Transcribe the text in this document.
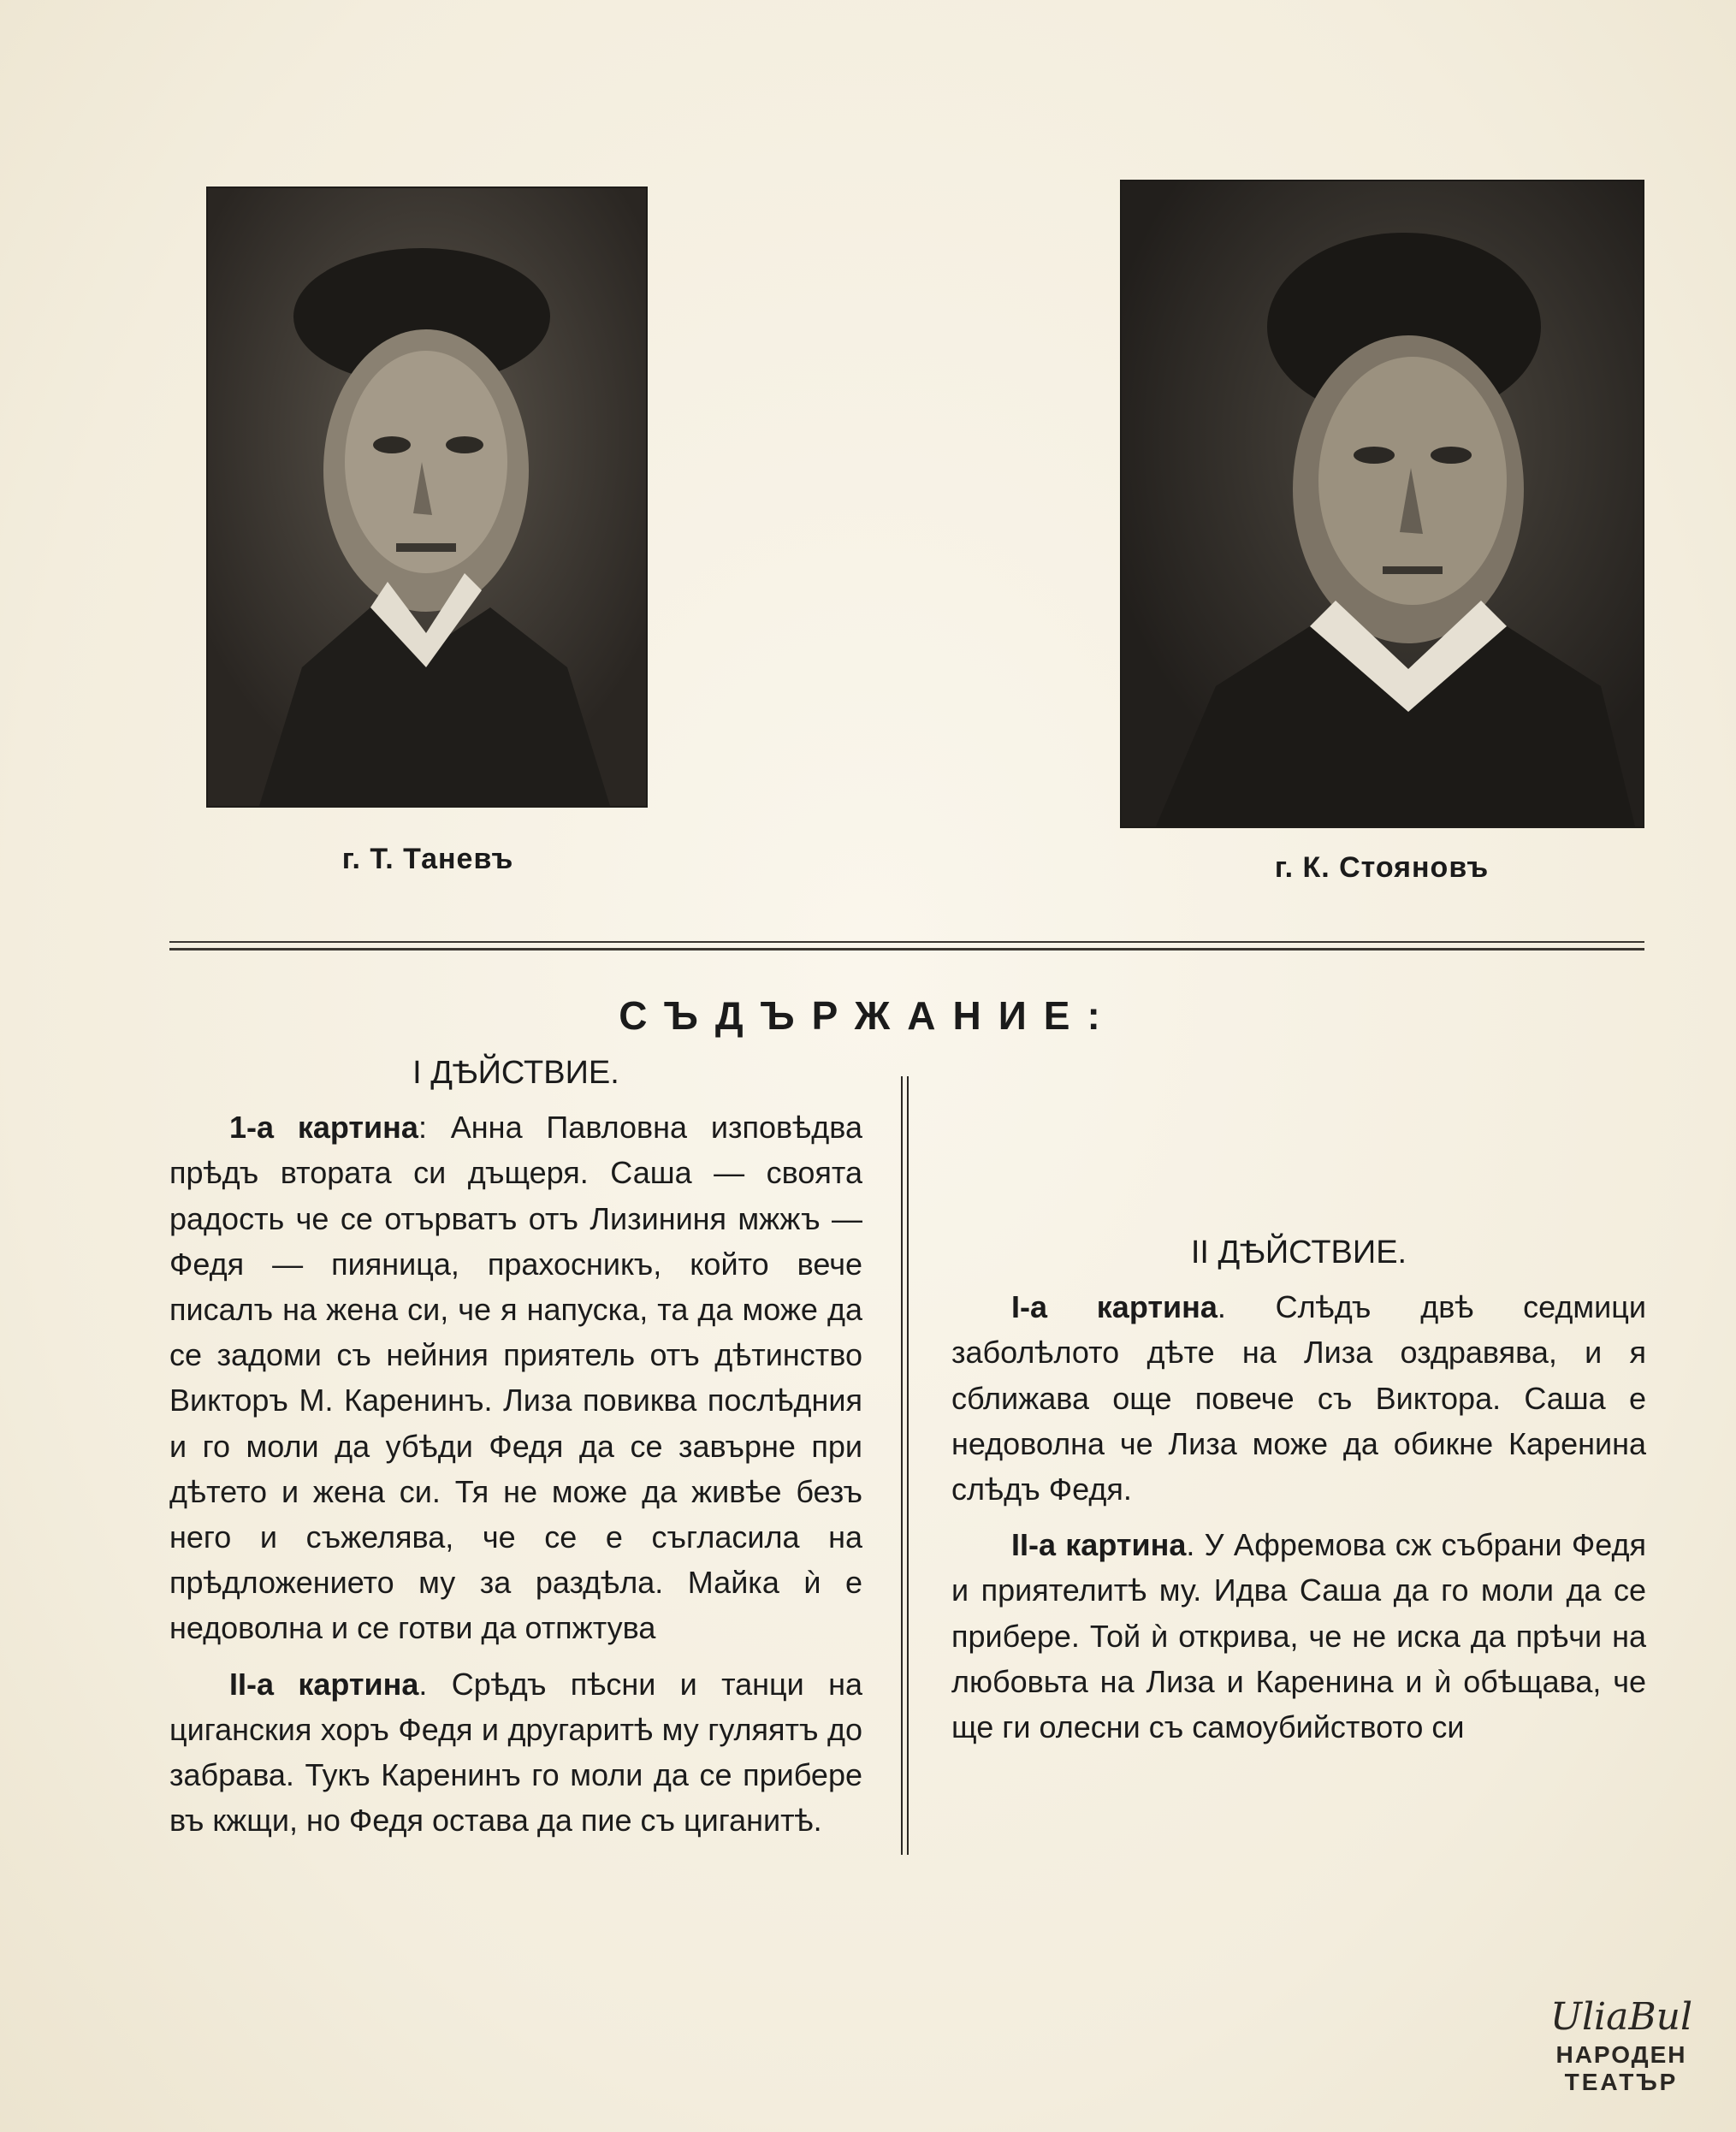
г. Т. Таневъ	г. К. Стояновъ
СЪДЪРЖАНИЕ:
I ДѢЙСТВИЕ.

1-а картина: Анна Павловна изповѣдва прѣдъ втората си дъщеря. Саша — своята радость че се отърватъ отъ Лизининя мжжъ — Федя — пияница, прахосникъ, който вече писалъ на жена си, че я напуска, та да може да се задоми съ нейния приятель отъ дѣтинство Викторъ М. Каренинъ. Лиза повиква послѣдния и го моли да убѣди Федя да се завърне при дѣтето и жена си. Тя не може да живѣе безъ него и съжелява, че се е съгласила на прѣдложението му за раздѣла. Майка ѝ е недоволна и се готви да отпжтува

II-а картина. Срѣдъ пѣсни и танци на циганския хоръ Федя и другаритѣ му гуляятъ до забрава. Тукъ Каренинъ го моли да се прибере въ кжщи, но Федя остава да пие съ циганитѣ.

II ДѢЙСТВИЕ.

I-а картина. Слѣдъ двѣ седмици заболѣлото дѣте на Лиза оздравява, и я сближава още повече съ Виктора. Саша е недоволна че Лиза може да обикне Каренина слѣдъ Федя.

II-а картина. У Афремова сж събрани Федя и приятелитѣ му. Идва Саша да го моли да се прибере. Той ѝ открива, че не иска да прѣчи на любовьта на Лиза и Каренина и ѝ обѣщава, че ще ги олесни съ самоубийството си

UliaBul
НАРОДЕН
ТЕАТЪР
